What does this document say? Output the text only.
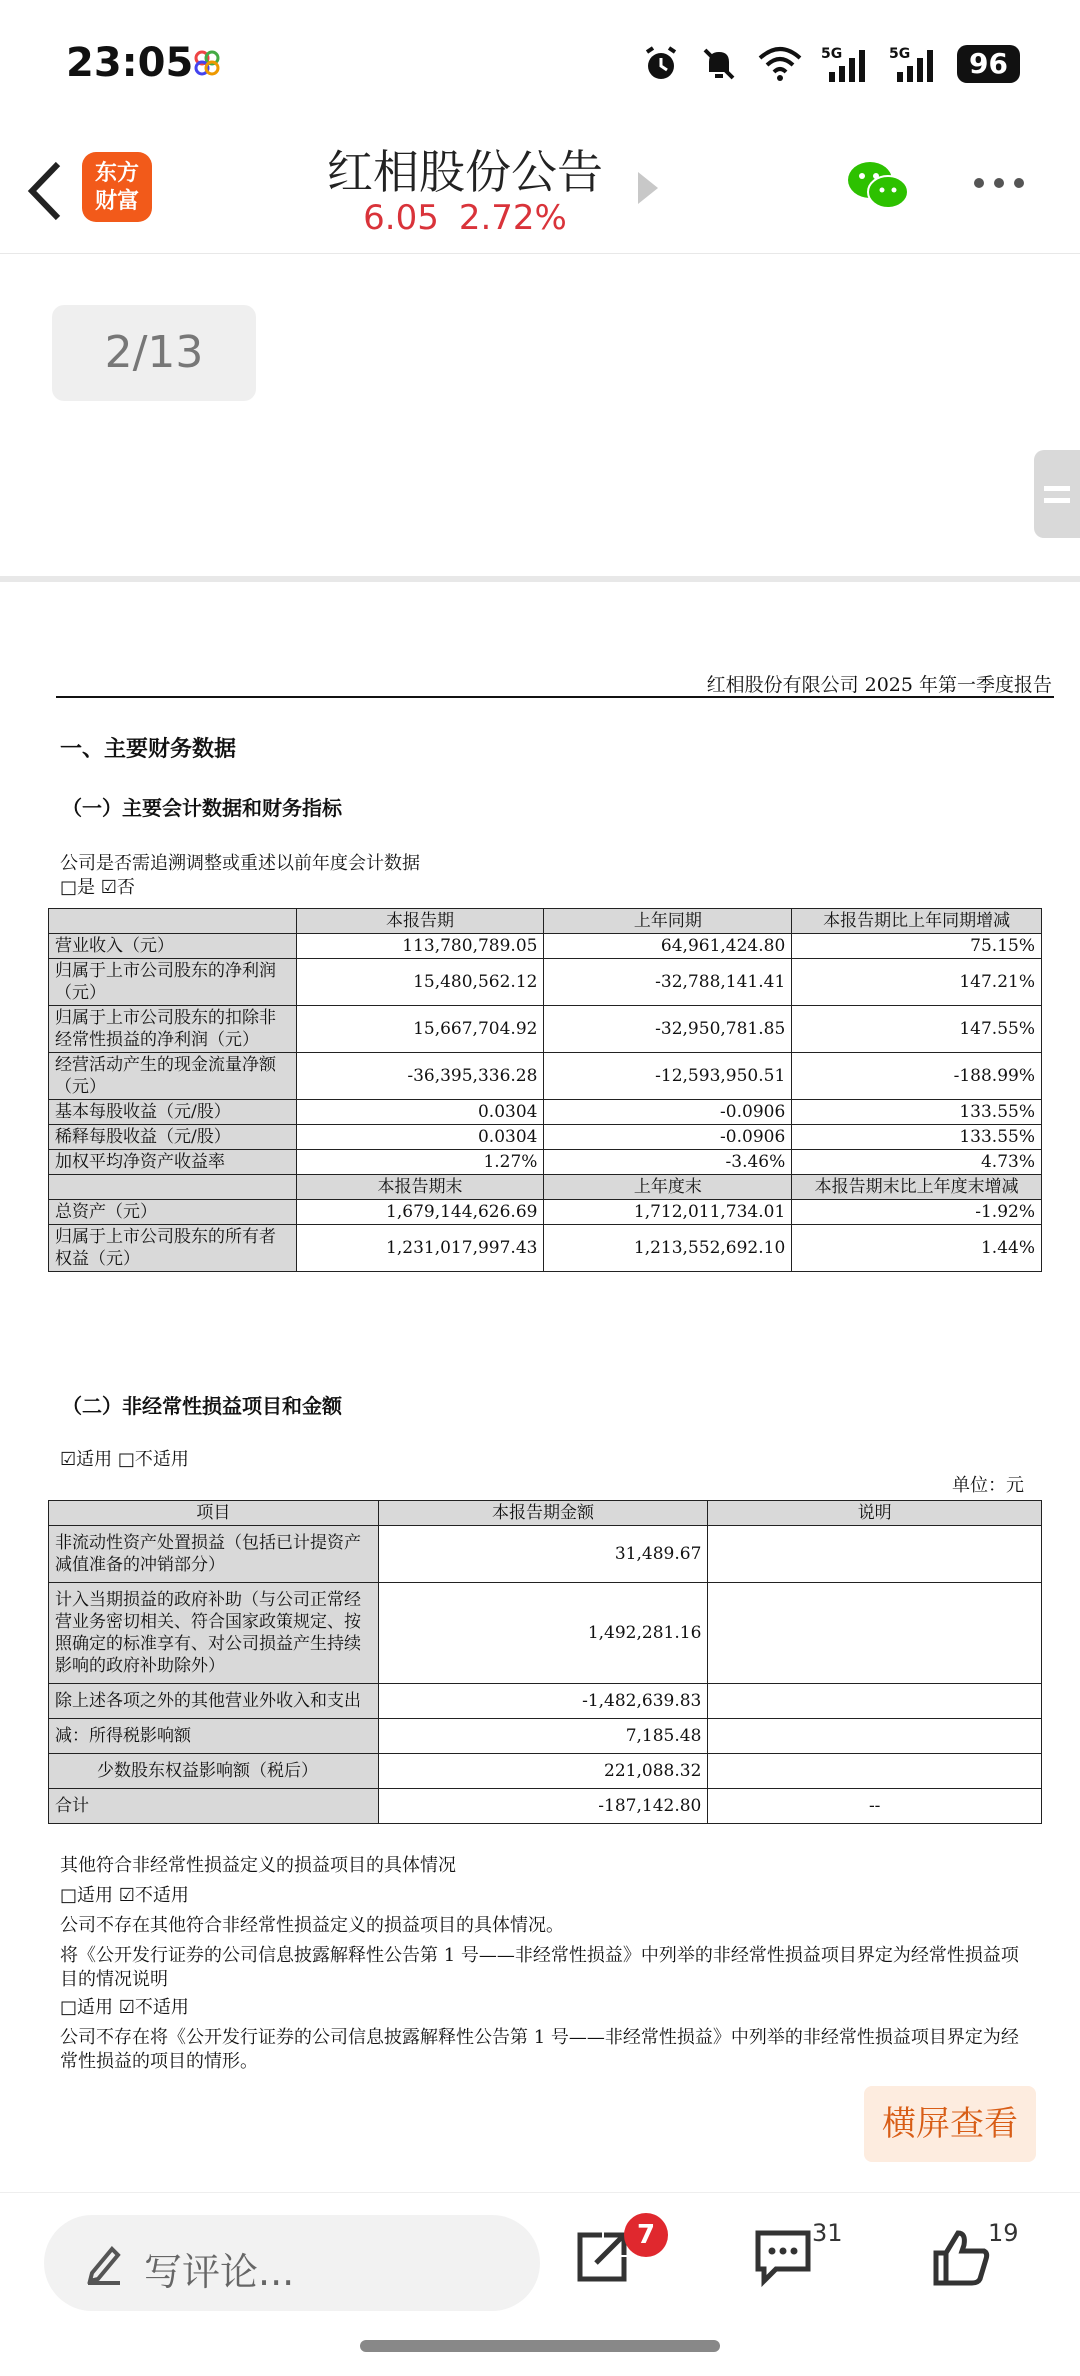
23:05	5G	5G	96
东方
财富
红相股份公告
6.05 2.72%
2/13
红相股份有限公司 2025 年第一季度报告
一、主要财务数据
（一）主要会计数据和财务指标
公司是否需追溯调整或重述以前年度会计数据
□是 ☑否
	本报告期	上年同期	本报告期比上年同期增减
营业收入（元）	113,780,789.05	64,961,424.80	75.15%
归属于上市公司股东的净利润（元）	15,480,562.12	-32,788,141.41	147.21%
归属于上市公司股东的扣除非经常性损益的净利润（元）	15,667,704.92	-32,950,781.85	147.55%
经营活动产生的现金流量净额（元）	-36,395,336.28	-12,593,950.51	-188.99%
基本每股收益（元/股）	0.0304	-0.0906	133.55%
稀释每股收益（元/股）	0.0304	-0.0906	133.55%
加权平均净资产收益率	1.27%	-3.46%	4.73%
	本报告期末	上年度末	本报告期末比上年度末增减
总资产（元）	1,679,144,626.69	1,712,011,734.01	-1.92%
归属于上市公司股东的所有者权益（元）	1,231,017,997.43	1,213,552,692.10	1.44%
（二）非经常性损益项目和金额
☑适用 □不适用
单位：元
项目	本报告期金额	说明
非流动性资产处置损益（包括已计提资产减值准备的冲销部分）	31,489.67	
计入当期损益的政府补助（与公司正常经营业务密切相关、符合国家政策规定、按照确定的标准享有、对公司损益产生持续影响的政府补助除外）	1,492,281.16	
除上述各项之外的其他营业外收入和支出	-1,482,639.83	
减：所得税影响额	7,185.48	
少数股东权益影响额（税后）	221,088.32	
合计	-187,142.80	--
其他符合非经常性损益定义的损益项目的具体情况
□适用 ☑不适用
公司不存在其他符合非经常性损益定义的损益项目的具体情况。
将《公开发行证券的公司信息披露解释性公告第 1 号——非经常性损益》中列举的非经常性损益项目界定为经常性损益项目的情况说明
□适用 ☑不适用
公司不存在将《公开发行证券的公司信息披露解释性公告第 1 号——非经常性损益》中列举的非经常性损益项目界定为经常性损益的项目的情形。
横屏查看
写评论...
7	31	19
